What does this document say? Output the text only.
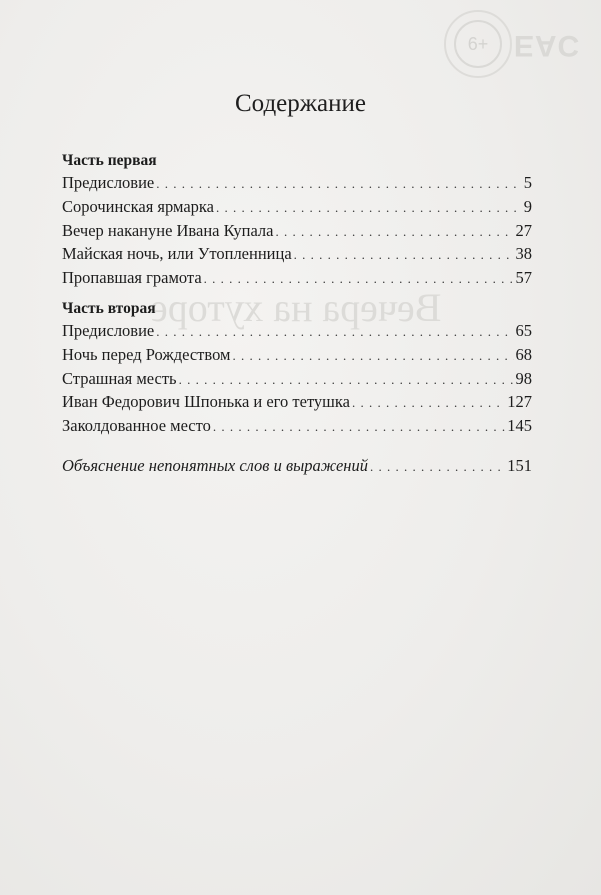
Вечера на хуторе
6+ EAC
Содержание
Часть первая
Предисловие . . .	5
Сорочинская ярмарка . . .	9
Вечер накануне Ивана Купала . . .	27
Майская ночь, или Утопленница . . .	38
Пропавшая грамота . . .	57
Часть вторая
Предисловие . . .	65
Ночь перед Рождеством . . .	68
Страшная месть . . .	98
Иван Федорович Шпонька и его тетушка . . .	127
Заколдованное место . . .	145
Объяснение непонятных слов и выражений . . .	151
